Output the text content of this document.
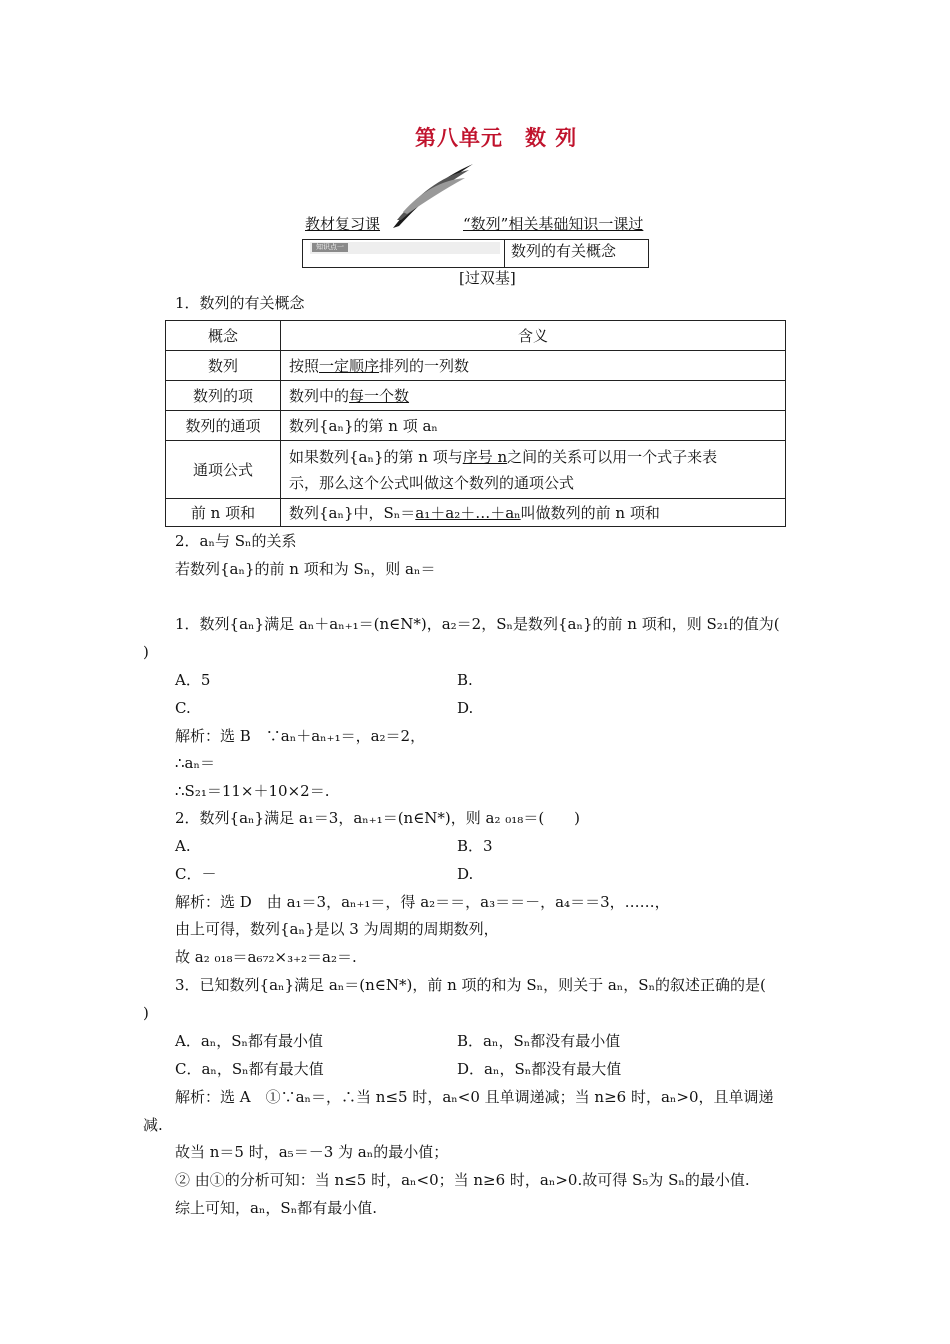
第八单元　数 列
教材复习课	“数列”相关基础知识一课过
知识点一	数列的有关概念
[过双基]
1．数列的有关概念
概念	含义
数列	按照一定顺序排列的一列数
数列的项	数列中的每一个数
数列的通项	数列{aₙ}的第 n 项 aₙ
通项公式	如果数列{aₙ}的第 n 项与序号 n之间的关系可以用一个式子来表
示，那么这个公式叫做这个数列的通项公式
前 n 项和	数列{aₙ}中，Sₙ＝a₁＋a₂＋…＋aₙ叫做数列的前 n 项和
2．aₙ与 Sₙ的关系
若数列{aₙ}的前 n 项和为 Sₙ，则 aₙ＝
1．数列{aₙ}满足 aₙ＋aₙ₊₁＝(n∈N*)，a₂＝2，Sₙ是数列{aₙ}的前 n 项和，则 S₂₁的值为(
)
A．5	B.
C.	D.
解析：选 B　∵aₙ＋aₙ₊₁＝，a₂＝2，
∴aₙ＝
∴S₂₁＝11×＋10×2＝.
2．数列{aₙ}满足 a₁＝3，aₙ₊₁＝(n∈N*)，则 a₂ ₀₁₈＝(　　)
A.	B．3
C．－	D.
解析：选 D　由 a₁＝3，aₙ₊₁＝，得 a₂＝＝，a₃＝＝－，a₄＝＝3，……，
由上可得，数列{aₙ}是以 3 为周期的周期数列，
故 a₂ ₀₁₈＝a₆₇₂×₃₊₂＝a₂＝.
3．已知数列{aₙ}满足 aₙ＝(n∈N*)，前 n 项的和为 Sₙ，则关于 aₙ，Sₙ的叙述正确的是(
)
A．aₙ，Sₙ都有最小值	B．aₙ，Sₙ都没有最小值
C．aₙ，Sₙ都有最大值	D．aₙ，Sₙ都没有最大值
解析：选 A　①∵aₙ＝，∴当 n≤5 时，aₙ<0 且单调递减；当 n≥6 时，aₙ>0，且单调递
减.
故当 n＝5 时，a₅＝－3 为 aₙ的最小值；
② 由①的分析可知：当 n≤5 时，aₙ<0；当 n≥6 时，aₙ>0.故可得 S₅为 Sₙ的最小值.
综上可知，aₙ，Sₙ都有最小值.
